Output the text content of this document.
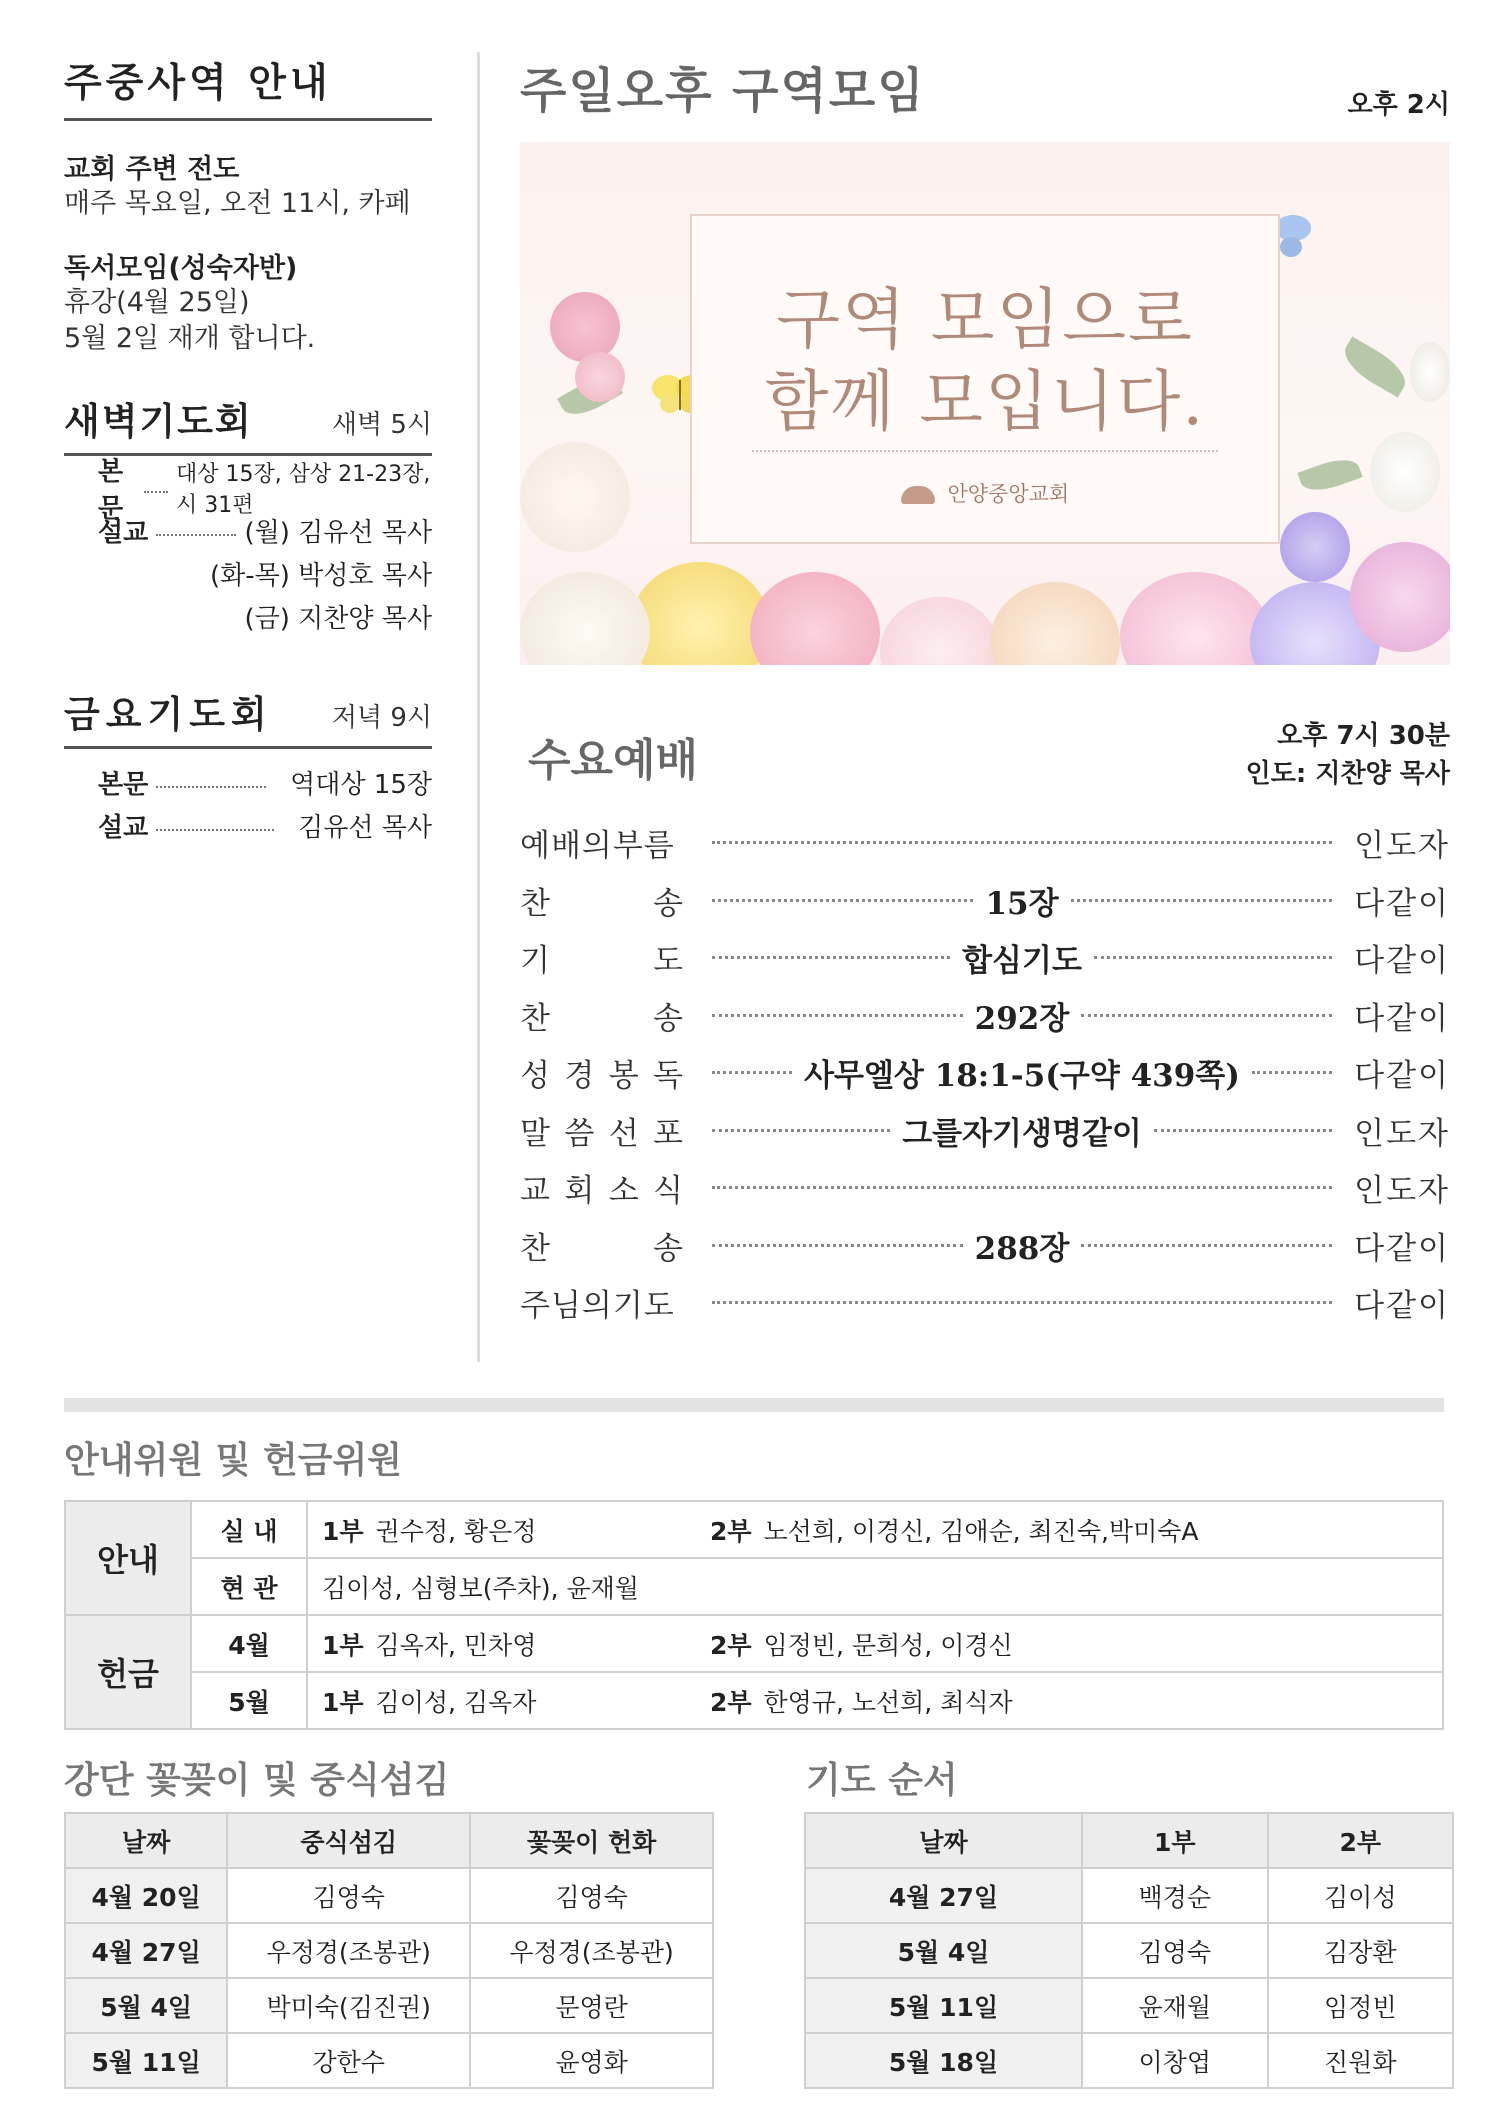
주중사역 안내
교회 주변 전도
매주 목요일, 오전 11시, 카페
독서모임(성숙자반)
휴강(4월 25일)
5월 2일 재개 합니다.
새벽기도회	새벽 5시
본문
대상 15장, 삼상 21-23장, 시 31편
설교	(월) 김유선 목사
(화-목) 박성호 목사
(금) 지찬양 목사
금요기도회 저녁 9시
본문	역대상 15장
설교	김유선 목사
주일오후 구역모임	오후 2시
구역 모임으로
함께 모입니다.
안양중앙교회
수요예배	오후 7시 30분
인도: 지찬양 목사
예배의부름	인도자
찬	송	15장	다같이
기	도	합심기도	다같이
찬	송	292장	다같이
성 경 봉 독	사무엘상 18:1-5(구약 439쪽)	다같이
말 씀 선 포	그를자기생명같이	인도자
교 회 소 식	인도자
찬	송	288장	다같이
주님의기도	다같이
안내위원 및 헌금위원
안내	실 내	1부 권수정, 황은정 2부 노선희, 이경신, 김애순, 최진숙,박미숙A
	현 관	김이성, 심형보(주차), 윤재월
헌금	4월	1부 김옥자, 민차영 2부 임정빈, 문희성, 이경신
	5월	1부 김이성, 김옥자 2부 한영규, 노선희, 최식자
강단 꽃꽂이 및 중식섬김
날짜	중식섬김	꽃꽂이 헌화
4월 20일	김영숙	김영숙
4월 27일	우정경(조봉관)	우정경(조봉관)
5월 4일	박미숙(김진권)	문영란
5월 11일	강한수	윤영화
기도 순서
날짜	1부	2부
4월 27일	백경순	김이성
5월 4일	김영숙	김장환
5월 11일	윤재월	임정빈
5월 18일	이창엽	진원화
